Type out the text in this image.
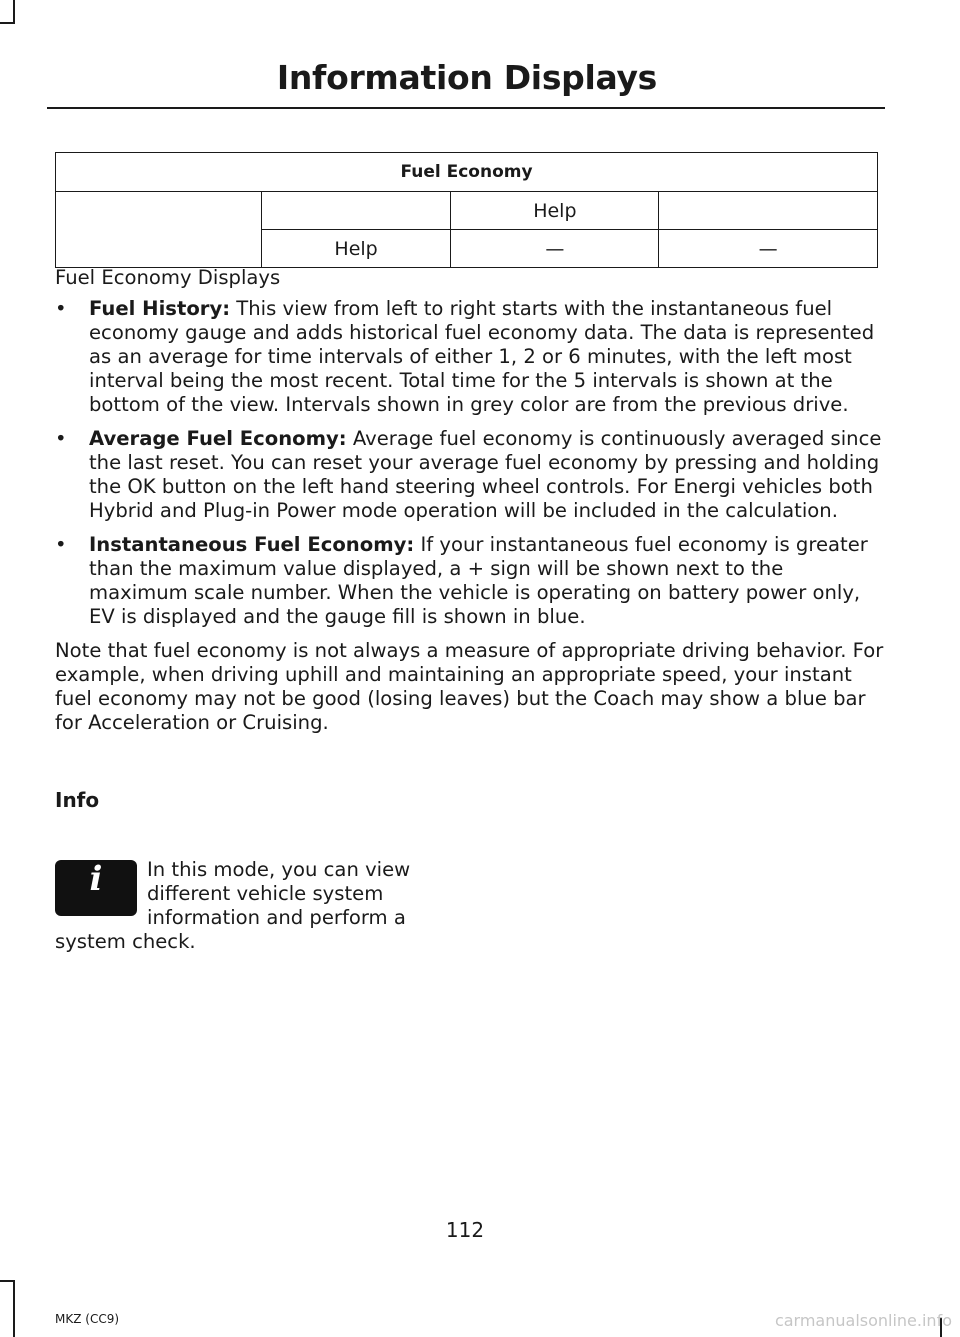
Information Displays
Fuel Economy			
		Help	
	Help	—	—

Fuel Economy Displays

• Fuel History: This view from left to right starts with the instantaneous fuel economy gauge and adds historical fuel economy data. The data is represented as an average for time intervals of either 1, 2 or 6 minutes, with the left most interval being the most recent. Total time for the 5 intervals is shown at the bottom of the view. Intervals shown in grey color are from the previous drive.
• Average Fuel Economy: Average fuel economy is continuously averaged since the last reset. You can reset your average fuel economy by pressing and holding the OK button on the left hand steering wheel controls. For Energi vehicles both Hybrid and Plug-in Power mode operation will be included in the calculation.
• Instantaneous Fuel Economy: If your instantaneous fuel economy is greater than the maximum value displayed, a + sign will be shown next to the maximum scale number. When the vehicle is operating on battery power only, EV is displayed and the gauge fill is shown in blue.

Note that fuel economy is not always a measure of appropriate driving behavior. For example, when driving uphill and maintaining an appropriate speed, your instant fuel economy may not be good (losing leaves) but the Coach may show a blue bar for Acceleration or Cruising.

Info

i	In this mode, you can view different vehicle system information and perform a system check.

112
MKZ (CC9)	carmanualsonline.info
